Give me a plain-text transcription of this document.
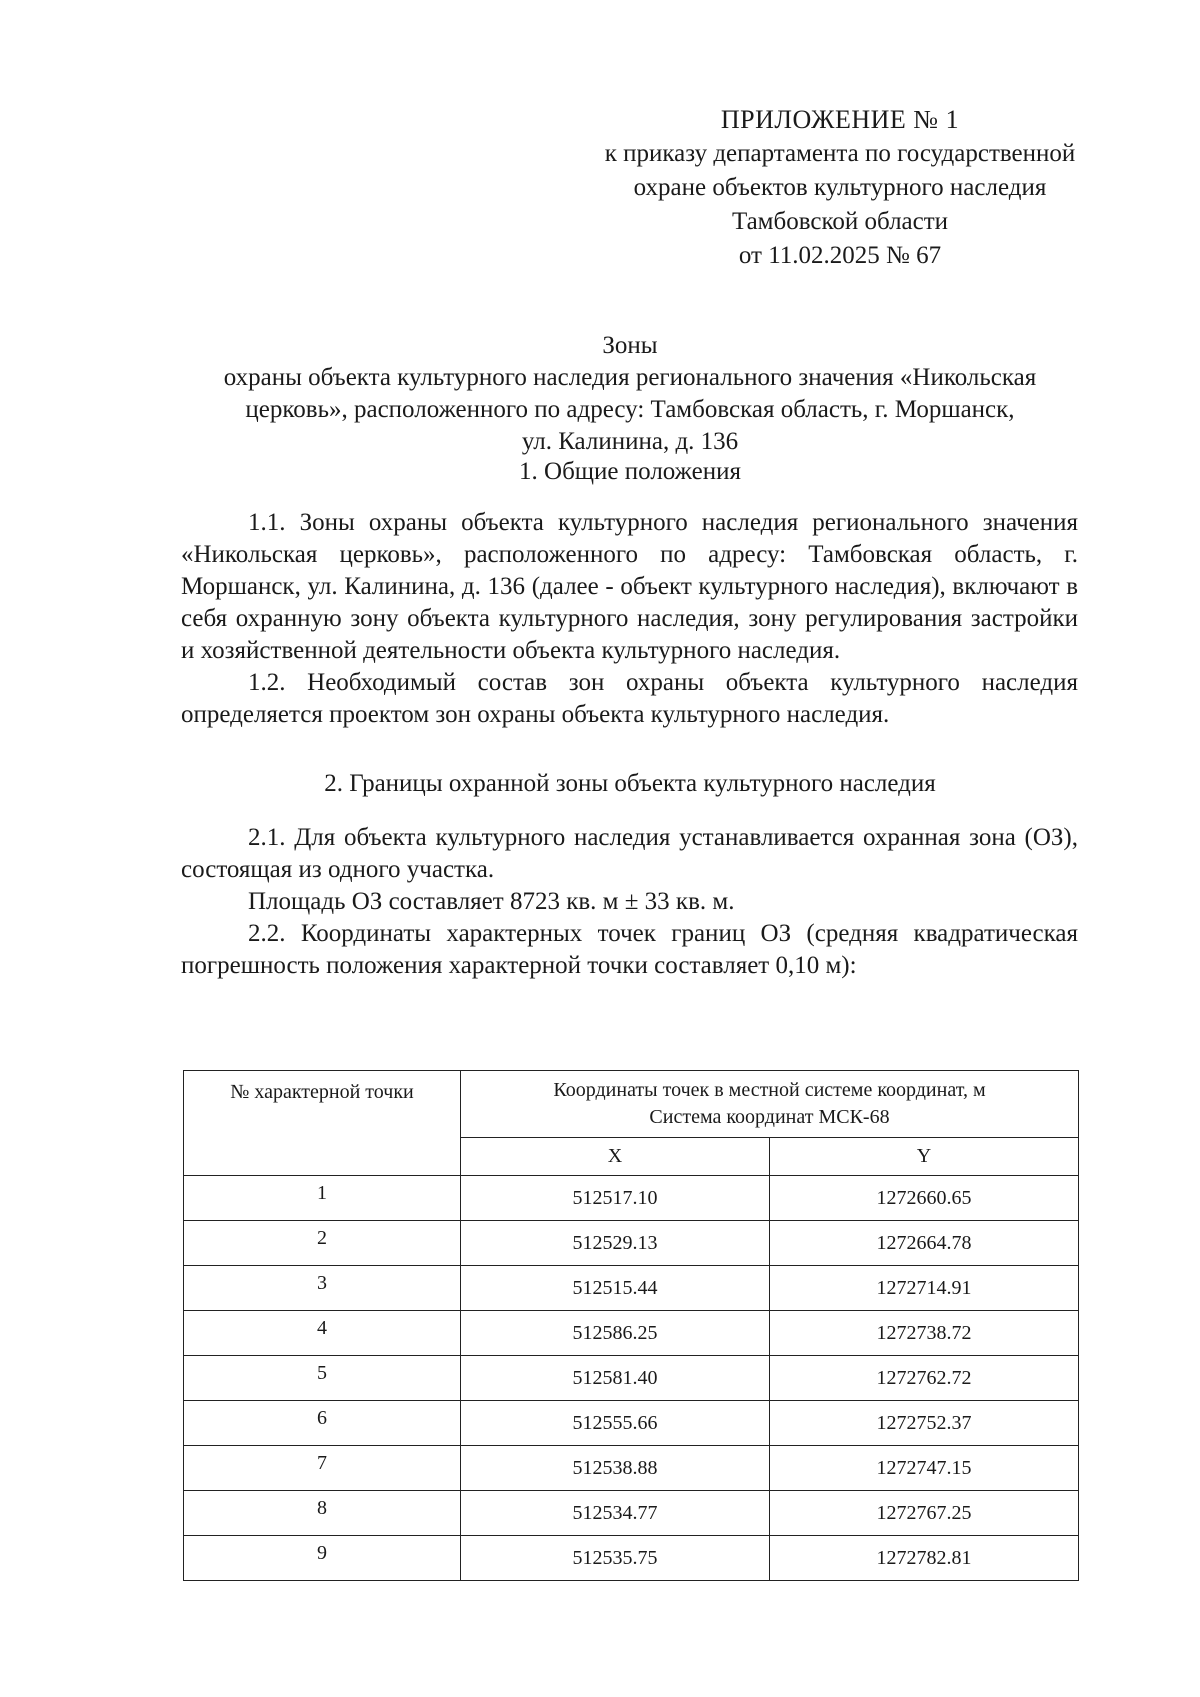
ПРИЛОЖЕНИЕ № 1
к приказу департамента по государственной
охране объектов культурного наследия
Тамбовской области
от 11.02.2025 № 67
Зоны
охраны объекта культурного наследия регионального значения «Никольская
церковь», расположенного по адресу: Тамбовская область, г. Моршанск,
ул. Калинина, д. 136
1. Общие положения

1.1. Зоны охраны объекта культурного наследия регионального значения «Никольская церковь», расположенного по адресу: Тамбовская область, г. Моршанск, ул. Калинина, д. 136 (далее - объект культурного наследия), включают в себя охранную зону объекта культурного наследия, зону регулирования застройки и хозяйственной деятельности объекта культурного наследия.

1.2. Необходимый состав зон охраны объекта культурного наследия определяется проектом зон охраны объекта культурного наследия.

2. Границы охранной зоны объекта культурного наследия

2.1. Для объекта культурного наследия устанавливается охранная зона (ОЗ), состоящая из одного участка.

Площадь ОЗ составляет 8723 кв. м ± 33 кв. м.

2.2. Координаты характерных точек границ ОЗ (средняя квадратическая погрешность положения характерной точки составляет 0,10 м):

№ характерной точки	Координаты точек в местной системе координат, м
Система координат МСК-68	

	X	Y
1	512517.10	1272660.65
2	512529.13	1272664.78
3	512515.44	1272714.91
4	512586.25	1272738.72
5	512581.40	1272762.72
6	512555.66	1272752.37
7	512538.88	1272747.15
8	512534.77	1272767.25
9	512535.75	1272782.81
